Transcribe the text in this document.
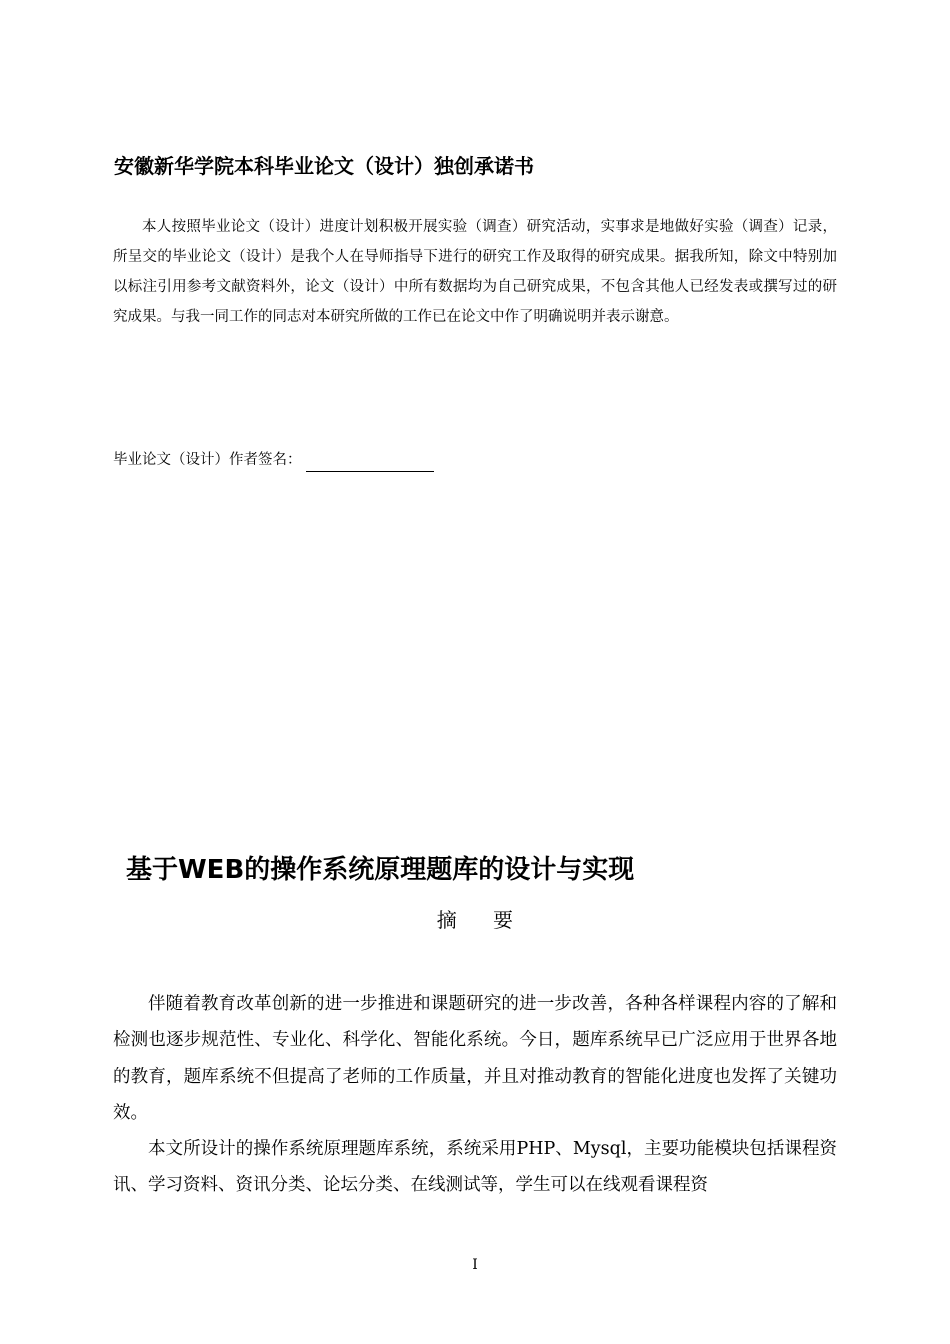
安徽新华学院本科毕业论文（设计）独创承诺书

本人按照毕业论文（设计）进度计划积极开展实验（调查）研究活动，实事求是地做好实验（调查）记录，所呈交的毕业论文（设计）是我个人在导师指导下进行的研究工作及取得的研究成果。据我所知，除文中特别加以标注引用参考文献资料外，论文（设计）中所有数据均为自己研究成果，不包含其他人已经发表或撰写过的研究成果。与我一同工作的同志对本研究所做的工作已在论文中作了明确说明并表示谢意。

毕业论文（设计）作者签名：
基于WEB的操作系统原理题库的设计与实现
摘 要

伴随着教育改革创新的进一步推进和课题研究的进一步改善，各种各样课程内容的了解和检测也逐步规范性、专业化、科学化、智能化系统。今日，题库系统早已广泛应用于世界各地的教育，题库系统不但提高了老师的工作质量，并且对推动教育的智能化进度也发挥了关键功效。

本文所设计的操作系统原理题库系统，系统采用PHP、Mysql，主要功能模块包括课程资讯、学习资料、资讯分类、论坛分类、在线测试等，学生可以在线观看课程资

I
